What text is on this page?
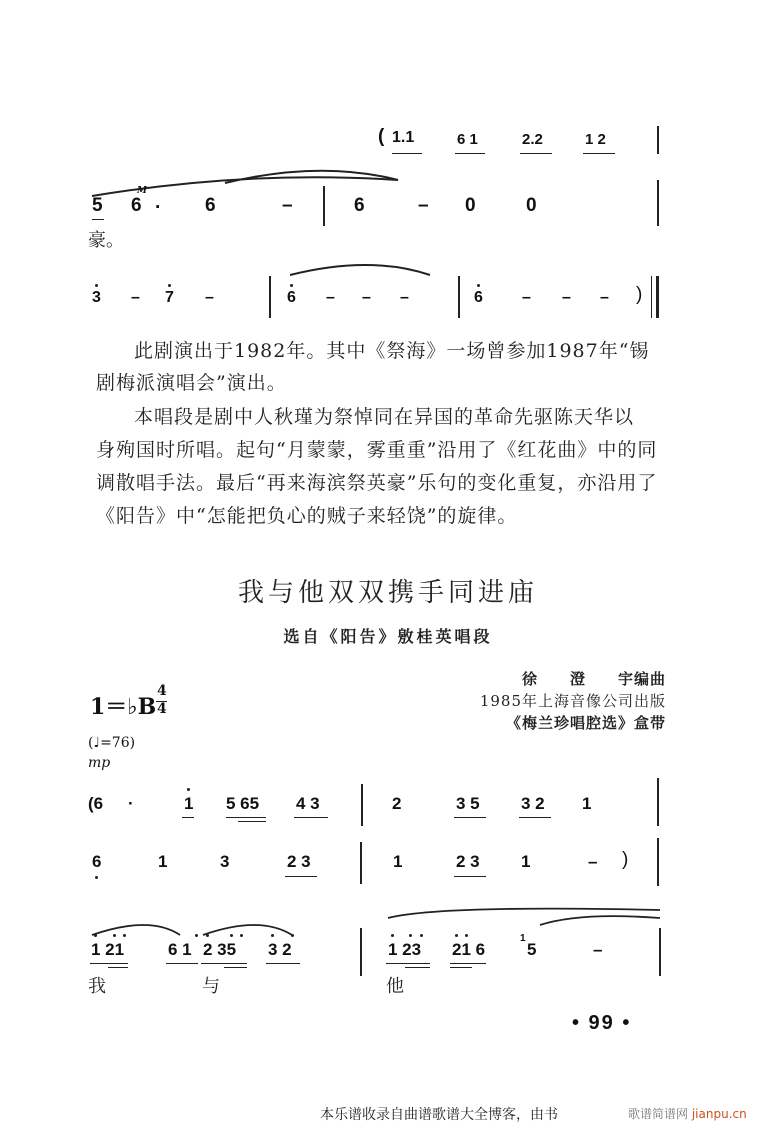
( 1.1	6 1	2.2	1 2
5
M
6 · 6	–	6	– 0	0
豪。
3 – 7 –	6 – – –	6 – – – )
此剧演出于1982年。其中《祭海》一场曾参加1987年“锡
剧梅派演唱会”演出。
本唱段是剧中人秋瑾为祭悼同在异国的革命先驱陈天华以
身殉国时所唱。起句“月蒙蒙，雾重重”沿用了《红花曲》中的同
调散唱手法。最后“再来海滨祭英豪”乐句的变化重复，亦沿用了
《阳告》中“怎能把负心的贼子来轻饶”的旋律。
我与他双双携手同进庙
选自《阳告》敫桂英唱段
1＝♭B
4
4
(♩=76)
mp
徐　　澄　　宇编曲
1985年上海音像公司出版
《梅兰珍唱腔选》盒带
(6 ·	1 5 65 4 3	2	3 5 3 2 1
6	1	3	2 3	1	2 3 1	– )
1 21	6 1 2 35 3 2	1 23 21 6
1
5	–
我	与	他
• 99 •
本乐谱收录自曲谱歌谱大全博客，由书	歌谱简谱网 jianpu.cn
